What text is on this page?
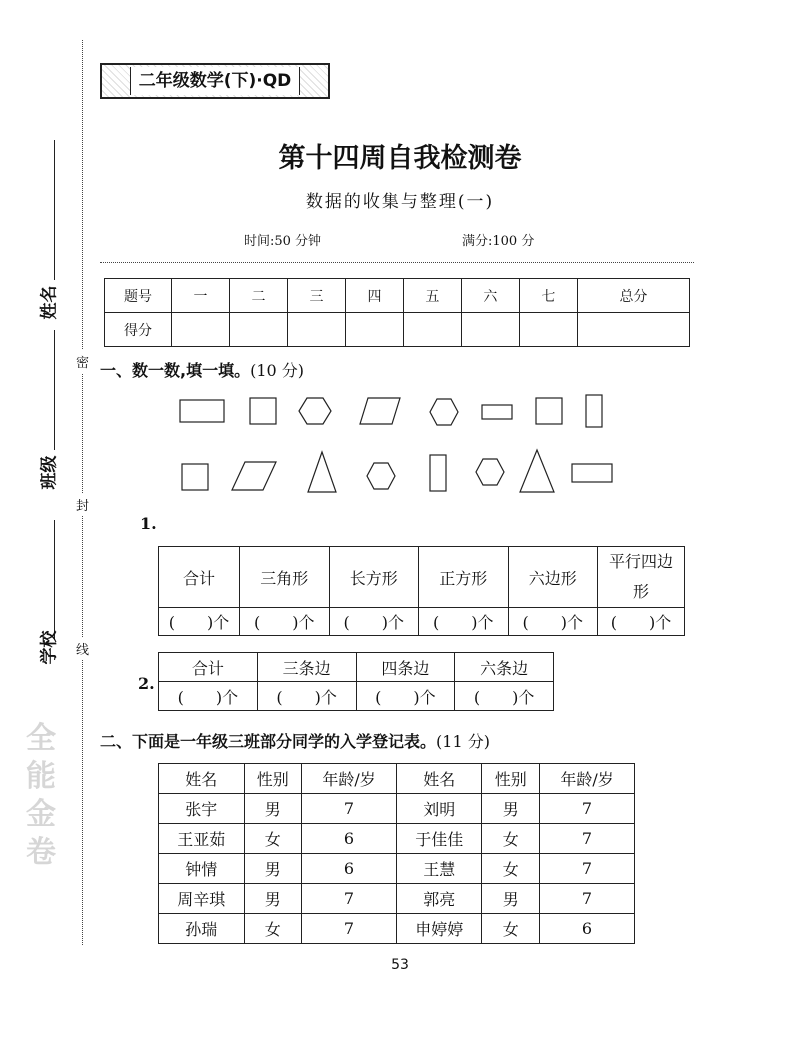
姓名
班级
学校
密
封
线
全能金卷
二年级数学(下)·QD
第十四周自我检测卷
数据的收集与整理(一)
时间:50 分钟	满分:100 分
题号	一	二	三	四	五	六	七	总分
得分								
一、数一数,填一填。(10 分)
1.
合计	三角形	长方形	正方形	六边形	平行四边形
(　　)个	(　　)个	(　　)个	(　　)个	(　　)个	(　　)个
2.
合计	三条边	四条边	六条边
(　　)个	(　　)个	(　　)个	(　　)个
二、下面是一年级三班部分同学的入学登记表。(11 分)
姓名	性别	年龄/岁	姓名	性别	年龄/岁
张宇	男	7	刘明	男	7
王亚茹	女	6	于佳佳	女	7
钟情	男	6	王慧	女	7
周辛琪	男	7	郭亮	男	7
孙瑞	女	7	申婷婷	女	6
53
